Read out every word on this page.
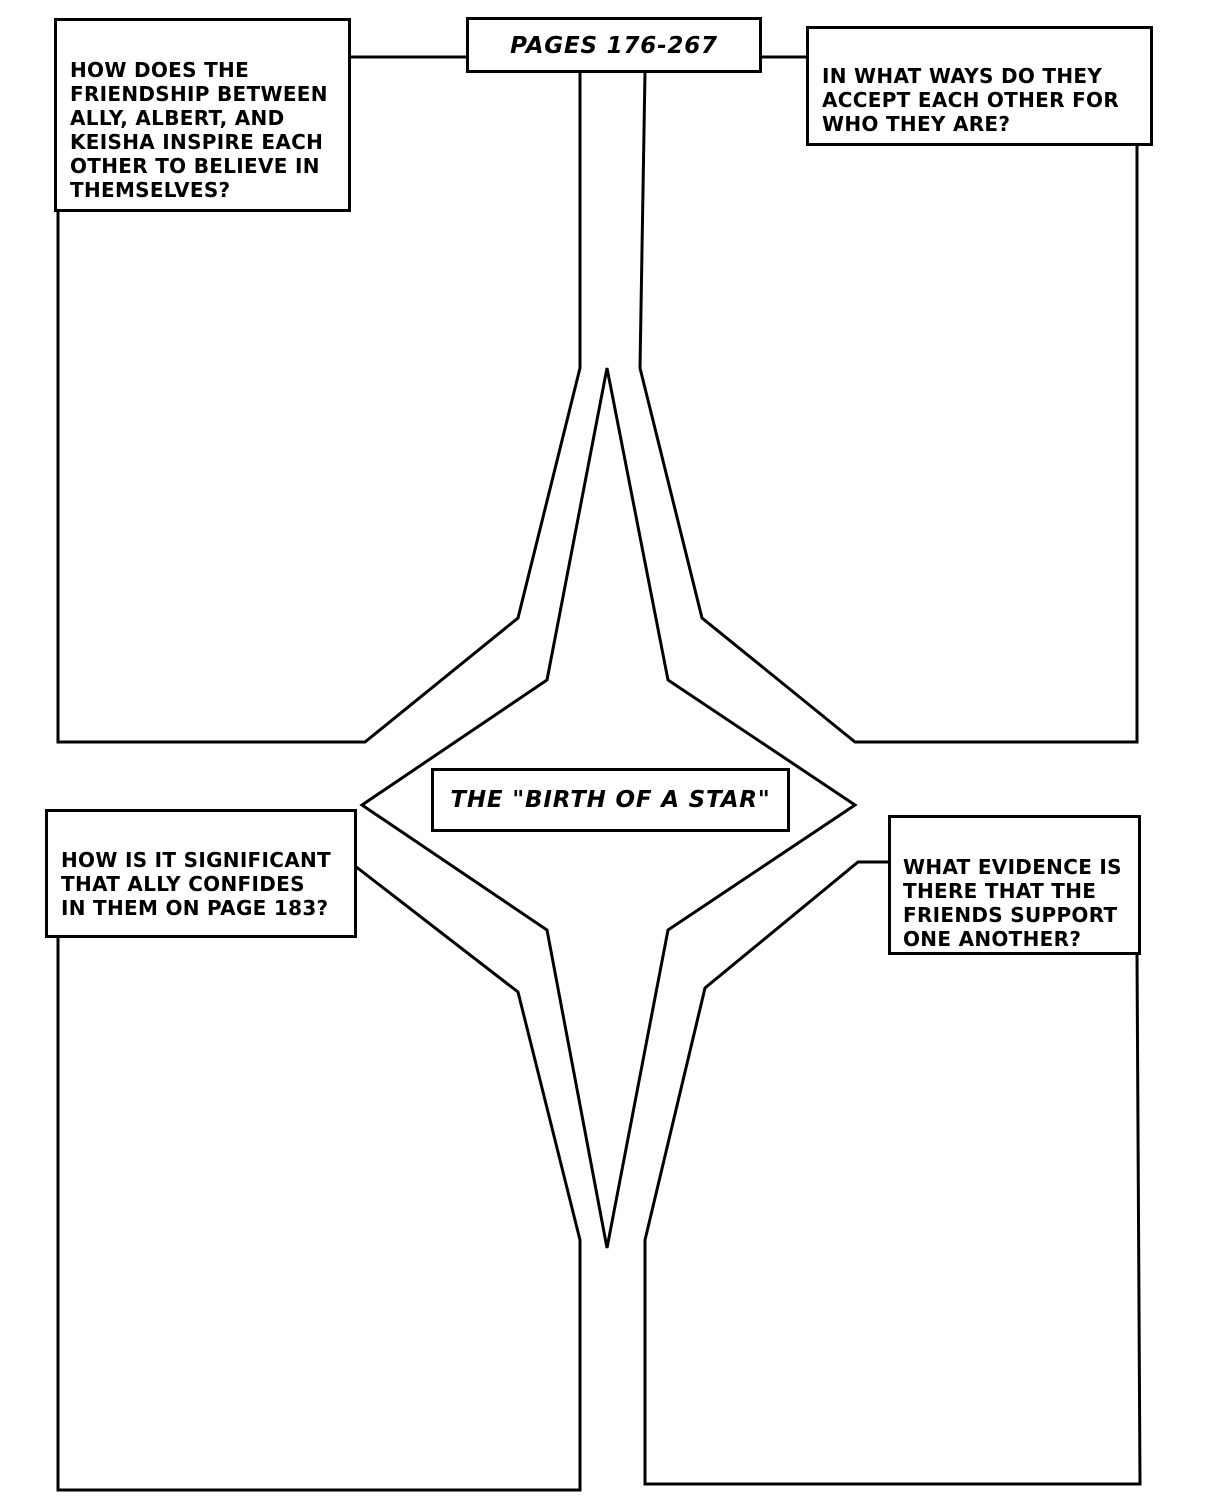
PAGES 176-267

HOW DOES THE
FRIENDSHIP BETWEEN
ALLY, ALBERT, AND
KEISHA INSPIRE EACH
OTHER TO BELIEVE IN
THEMSELVES?

IN WHAT WAYS DO THEY
ACCEPT EACH OTHER FOR
WHO THEY ARE?

THE "BIRTH OF A STAR"

HOW IS IT SIGNIFICANT
THAT ALLY CONFIDES
IN THEM ON PAGE 183?

WHAT EVIDENCE IS
THERE THAT THE
FRIENDS SUPPORT
ONE ANOTHER?
